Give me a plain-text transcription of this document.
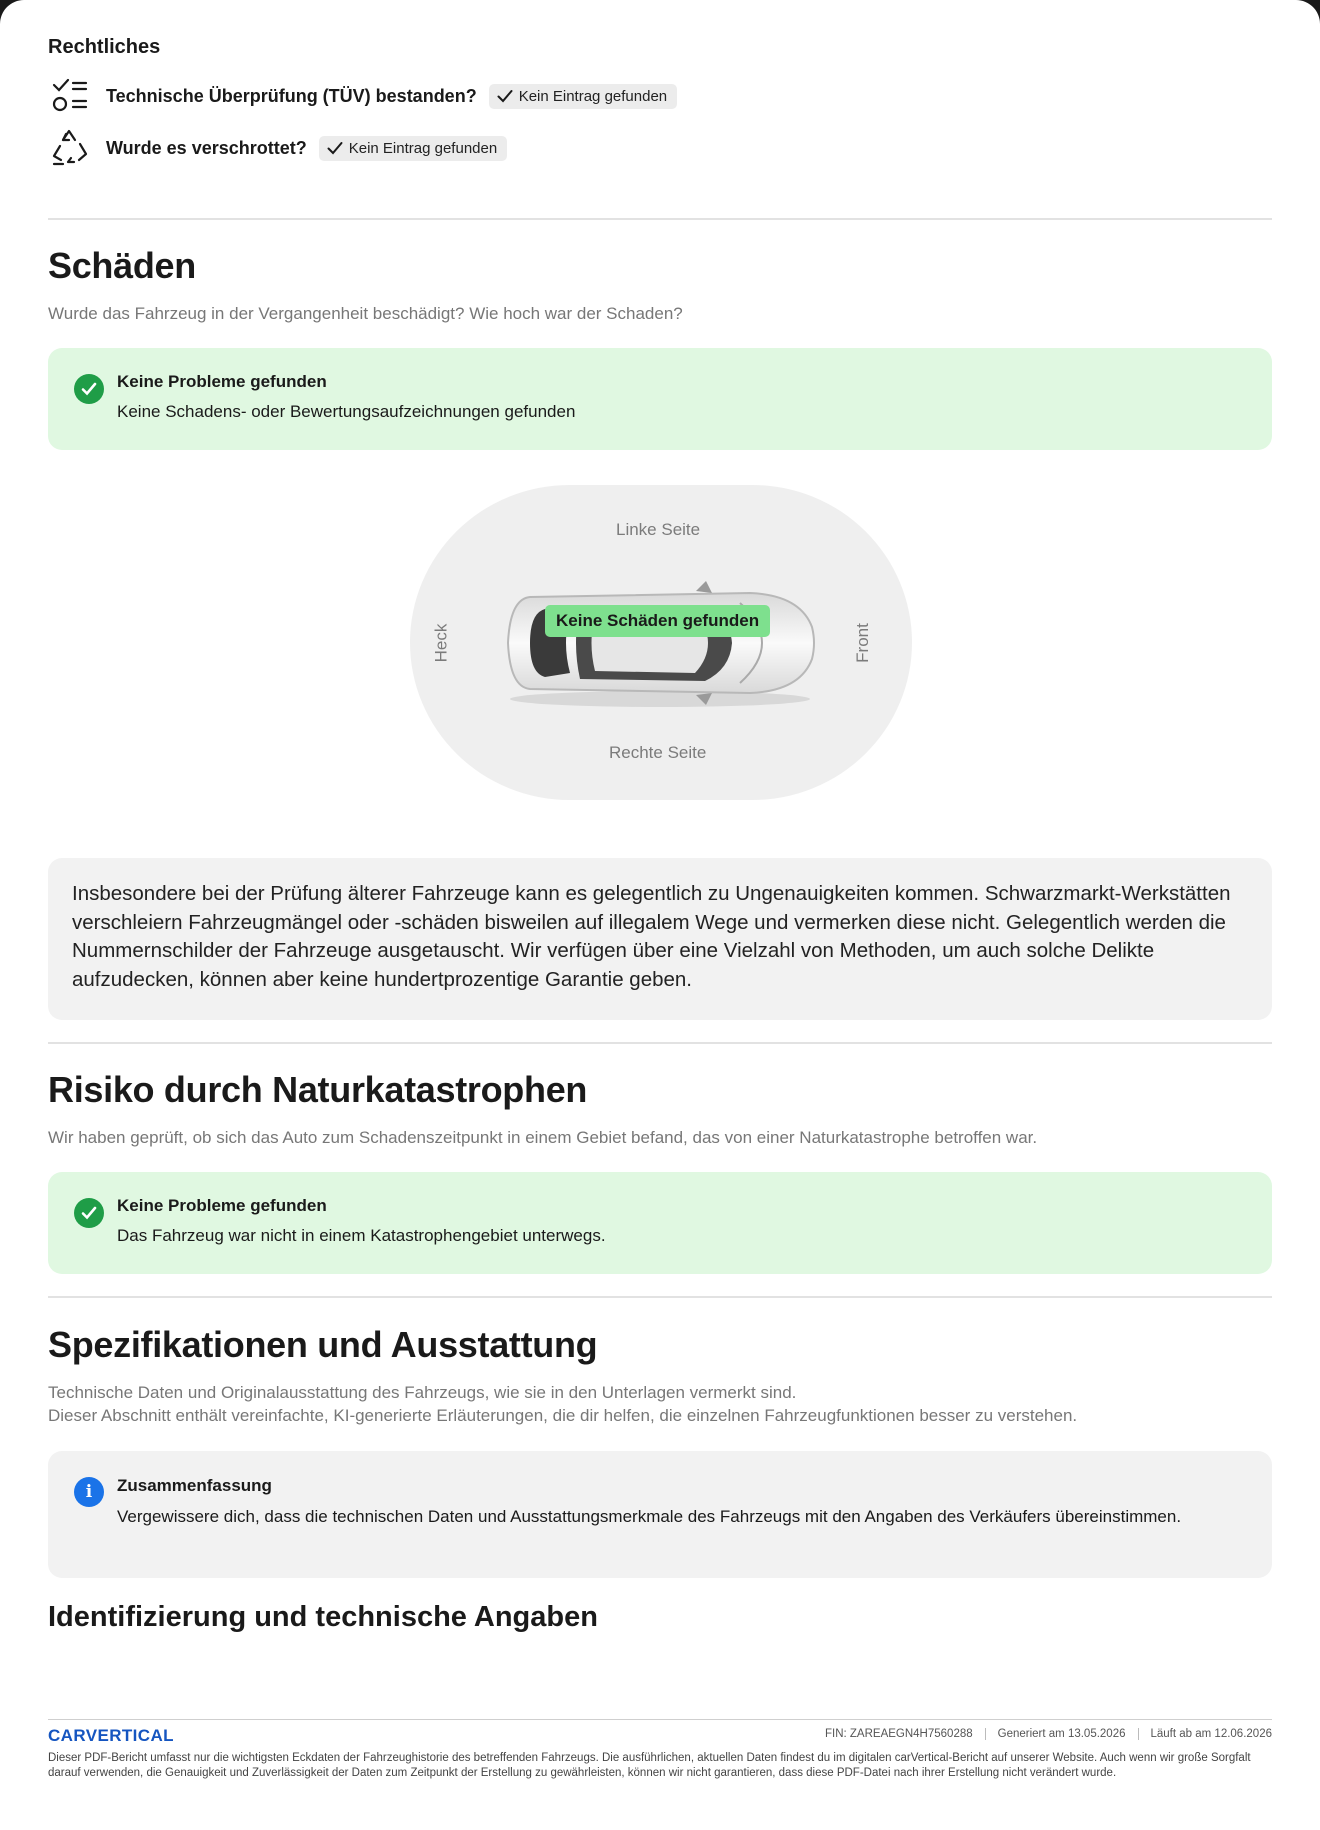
Rechtliches
Technische Überprüfung (TÜV) bestanden?	Kein Eintrag gefunden
Wurde es verschrottet?	Kein Eintrag gefunden
Schäden
Wurde das Fahrzeug in der Vergangenheit beschädigt? Wie hoch war der Schaden?
Keine Probleme gefunden
Keine Schadens- oder Bewertungsaufzeichnungen gefunden
Linke Seite
Rechte Seite
Heck	Front
Keine Schäden gefunden
Insbesondere bei der Prüfung älterer Fahrzeuge kann es gelegentlich zu Ungenauigkeiten kommen. Schwarzmarkt-Werkstätten verschleiern Fahrzeugmängel oder -schäden bisweilen auf illegalem Wege und vermerken diese nicht. Gelegentlich werden die Nummernschilder der Fahrzeuge ausgetauscht. Wir verfügen über eine Vielzahl von Methoden, um auch solche Delikte aufzudecken, können aber keine hundertprozentige Garantie geben.
Risiko durch Naturkatastrophen
Wir haben geprüft, ob sich das Auto zum Schadenszeitpunkt in einem Gebiet befand, das von einer Naturkatastrophe betroffen war.
Keine Probleme gefunden
Das Fahrzeug war nicht in einem Katastrophengebiet unterwegs.
Spezifikationen und Ausstattung
Technische Daten und Originalausstattung des Fahrzeugs, wie sie in den Unterlagen vermerkt sind.
Dieser Abschnitt enthält vereinfachte, KI-generierte Erläuterungen, die dir helfen, die einzelnen Fahrzeugfunktionen besser zu verstehen.
i	Zusammenfassung
Vergewissere dich, dass die technischen Daten und Ausstattungsmerkmale des Fahrzeugs mit den Angaben des Verkäufers übereinstimmen.
Identifizierung und technische Angaben
CARVERTICAL	FIN: ZAREAEGN4H7560288	Generiert am 13.05.2026	Läuft ab am 12.06.2026
Dieser PDF-Bericht umfasst nur die wichtigsten Eckdaten der Fahrzeughistorie des betreffenden Fahrzeugs. Die ausführlichen, aktuellen Daten findest du im digitalen carVertical-Bericht auf unserer Website. Auch wenn wir große Sorgfalt darauf verwenden, die Genauigkeit und Zuverlässigkeit der Daten zum Zeitpunkt der Erstellung zu gewährleisten, können wir nicht garantieren, dass diese PDF-Datei nach ihrer Erstellung nicht verändert wurde.
